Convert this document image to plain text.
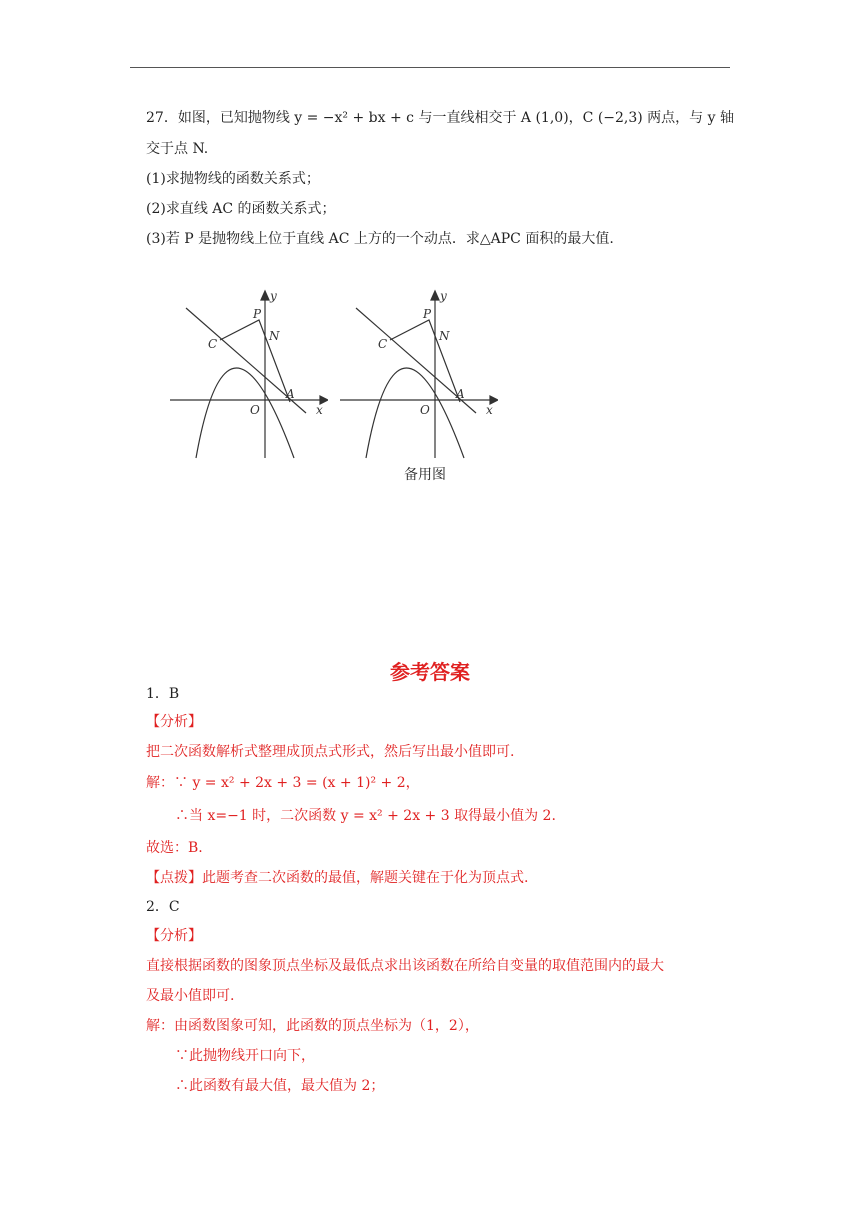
27．如图，已知抛物线 y = −x² + bx + c 与一直线相交于 A (1,0)，C (−2,3) 两点，与 y 轴
交于点 N.
(1)求抛物线的函数关系式；
(2)求直线 AC 的函数关系式；
(3)若 P 是抛物线上位于直线 AC 上方的一个动点．求△APC 面积的最大值.
y
x
P
N
C
O
A
y
x
P
N
C
O
A
备用图
参考答案
1．B
【分析】
把二次函数解析式整理成顶点式形式，然后写出最小值即可.
解：∵ y = x² + 2x + 3 = (x + 1)² + 2，
∴当 x=−1 时，二次函数 y = x² + 2x + 3 取得最小值为 2.
故选：B.
【点拨】此题考查二次函数的最值，解题关键在于化为顶点式.
2．C
【分析】
直接根据函数的图象顶点坐标及最低点求出该函数在所给自变量的取值范围内的最大
及最小值即可.
解：由函数图象可知，此函数的顶点坐标为（1，2），
∵此抛物线开口向下，
∴此函数有最大值，最大值为 2；
